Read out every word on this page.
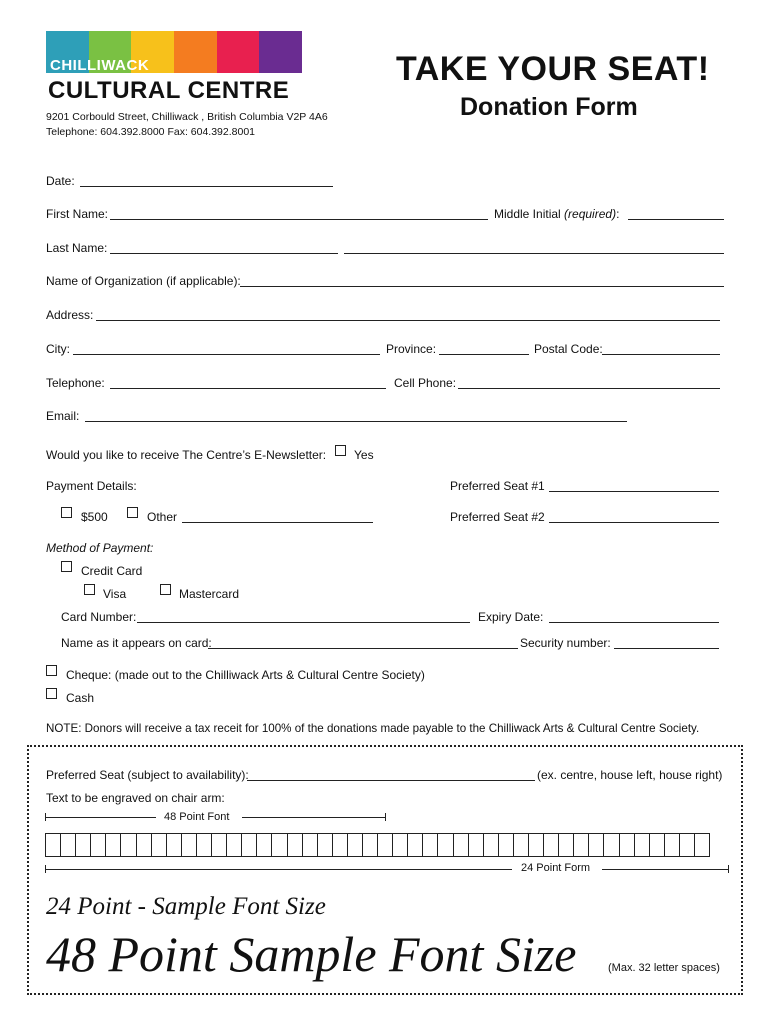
CHILLIWACK
CULTURAL CENTRE
9201 Corbould Street, Chilliwack , British Columbia V2P 4A6
Telephone: 604.392.8000 Fax: 604.392.8001
TAKE YOUR SEAT!
Donation Form
Date:
First Name:	Middle Initial (required):
Last Name:
Name of Organization (if applicable):
Address:
City:	Province:	Postal Code:
Telephone:	Cell Phone:
Email:
Would you like to receive The Centre’s E-Newsletter: Yes
Payment Details:	Preferred Seat #1
$500	Other	Preferred Seat #2
Method of Payment:
Credit Card
Visa	Mastercard
Card Number:	Expiry Date:
Name as it appears on card:	Security number:
Cheque: (made out to the Chilliwack Arts & Cultural Centre Society)
Cash
NOTE: Donors will receive a tax receit for 100% of the donations made payable to the Chilliwack Arts & Cultural Centre Society.
Preferred Seat (subject to availability):	(ex. centre, house left, house right)
Text to be engraved on chair arm:
48 Point Font
24 Point Form
24 Point - Sample Font Size
48 Point Sample Font Size	(Max. 32 letter spaces)
